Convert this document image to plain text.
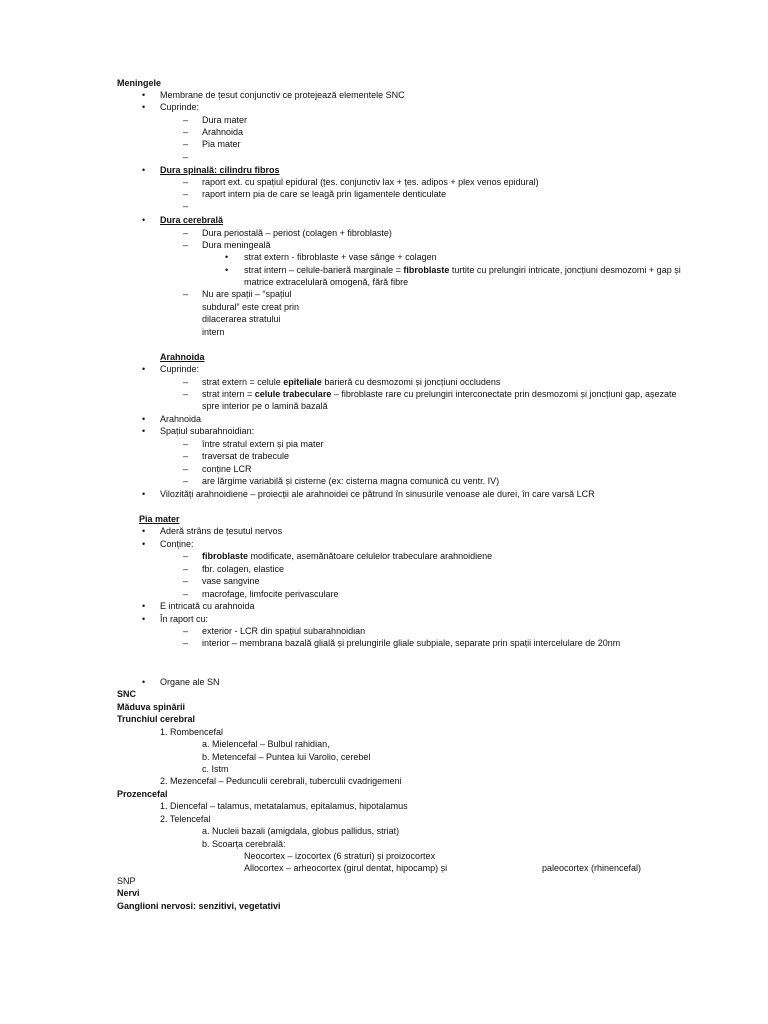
Meningele
• Membrane de țesut conjunctiv ce protejează elementele SNC
• Cuprinde:
– Dura mater
– Arahnoida
– Pia mater
–
• Dura spinală: cilindru fibros
– raport ext. cu spațiul epidural (țes. conjunctiv lax + țes. adipos + plex venos epidural)
– raport intern pia de care se leagă prin ligamentele denticulate
–
• Dura cerebrală
– Dura periostală – periost (colagen + fibroblaste)
– Dura meningeală
• strat extern - fibroblaste + vase sânge + colagen
• strat intern – celule-barieră marginale = fibroblaste turtite cu prelungiri intricate, joncțiuni desmozomi + gap și
matrice extracelulară omogenă, fără fibre
– Nu are spații – “spațiul
subdural” este creat prin
dilacerarea stratului
intern
Arahnoida
• Cuprinde:
– strat extern = celule epiteliale barieră cu desmozomi și joncțiuni occludens
– strat intern = celule trabeculare – fibroblaste rare cu prelungiri interconectate prin desmozomi și joncțiuni gap, așezate
spre interior pe o lamină bazală
• Arahnoida
• Spațiul subarahnoidian:
– între stratul extern și pia mater
– traversat de trabecule
– conține LCR
– are lărgime variabilă și cisterne (ex: cisterna magna comunică cu ventr. IV)
• Vilozități arahnoidiene – proiecții ale arahnoidei ce pătrund în sinusurile venoase ale durei, în care varsă LCR
Pia mater
• Aderă strâns de țesutul nervos
• Conține:
– fibroblaste modificate, asemănătoare celulelor trabeculare arahnoidiene
– fbr. colagen, elastice
– vase sangvine
– macrofage, limfocite perivasculare
• E intricată cu arahnoida
• În raport cu:
– exterior - LCR din spațiul subarahnoidian
– interior – membrana bazală glială și prelungirile gliale subpiale, separate prin spații intercelulare de 20nm
• Organe ale SN
SNC
Măduva spinării
Trunchiul cerebral
1. Rombencefal
a. Mielencefal – Bulbul rahidian,
b. Metencefal – Puntea lui Varolio, cerebel
c. Istm
2. Mezencefal – Pedunculii cerebrali, tuberculii cvadrigemeni
Prozencefal
1. Diencefal – talamus, metatalamus, epitalamus, hipotalamus
2. Telencefal
a. Nucleii bazali (amigdala, globus pallidus, striat)
b. Scoarța cerebrală:
Neocortex – izocortex (6 straturi) și proizocortex
Allocortex – arheocortex (girul dentat, hipocamp) și	paleocortex (rhinencefal)
SNP
Nervi
Ganglioni nervosi: senzitivi, vegetativi
